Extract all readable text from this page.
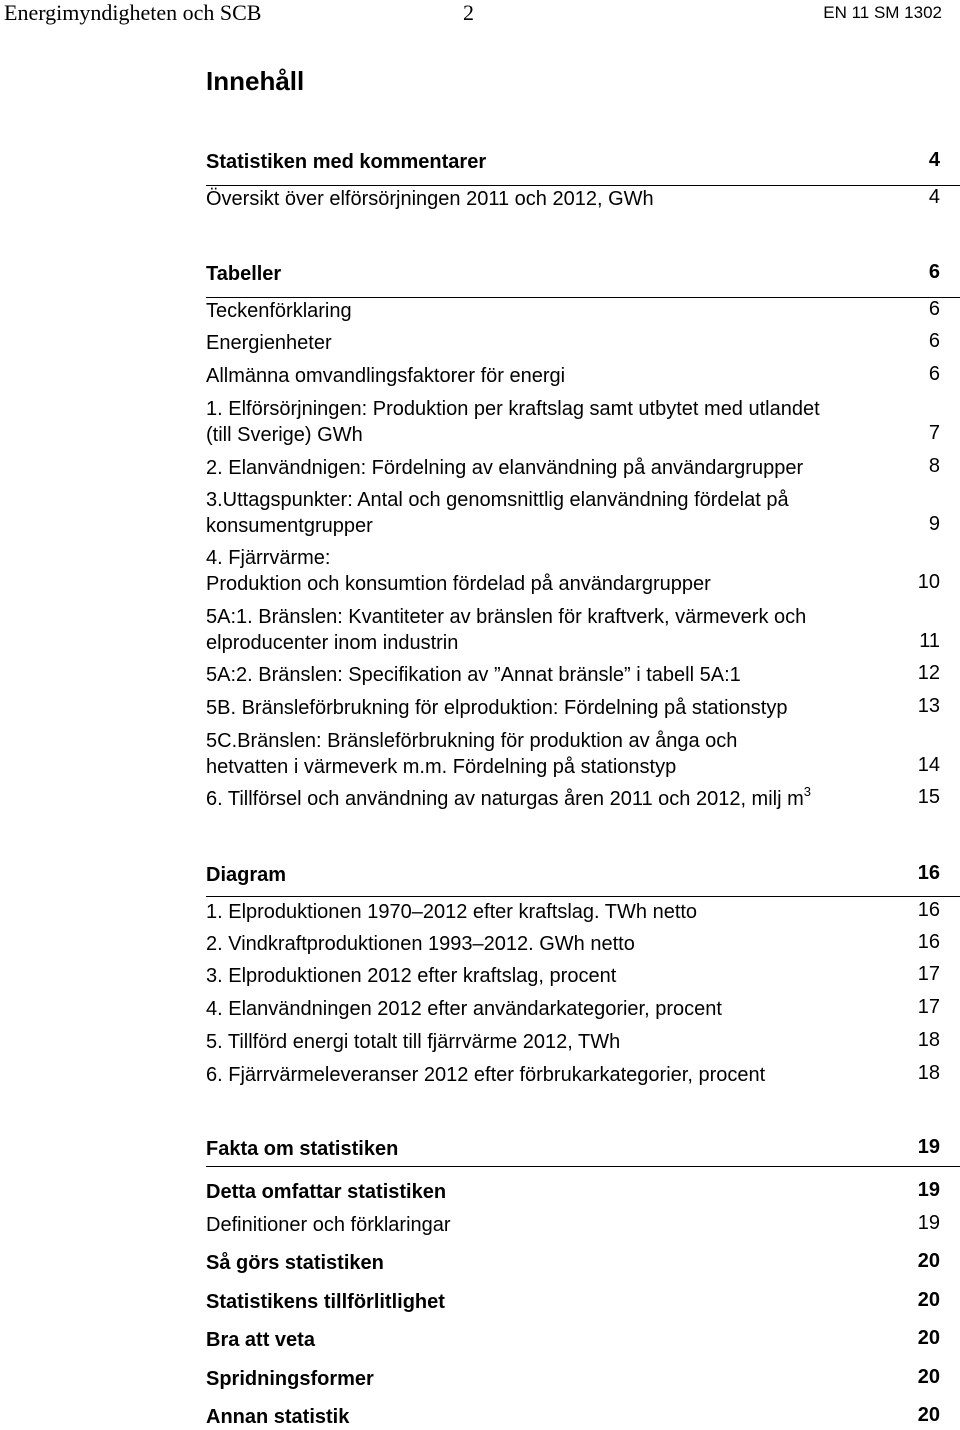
Energimyndigheten och SCB	2	EN 11 SM 1302
Innehåll
Statistiken med kommentarer	4
Översikt över elförsörjningen 2011 och 2012, GWh	4
Tabeller	6
Teckenförklaring	6
Energienheter	6
Allmänna omvandlingsfaktorer för energi	6
1. Elförsörjningen: Produktion per kraftslag samt utbytet med utlandet
(till Sverige) GWh	7
2. Elanvändnigen: Fördelning av elanvändning på användargrupper	8
3.Uttagspunkter: Antal och genomsnittlig elanvändning fördelat på
konsumentgrupper	9
4. Fjärrvärme:
Produktion och konsumtion fördelad på användargrupper	10
5A:1. Bränslen: Kvantiteter av bränslen för kraftverk, värmeverk och
elproducenter inom industrin	11
5A:2. Bränslen: Specifikation av ”Annat bränsle” i tabell 5A:1	12
5B. Bränsleförbrukning för elproduktion: Fördelning på stationstyp	13
5C.Bränslen: Bränsleförbrukning för produktion av ånga och
hetvatten i värmeverk m.m. Fördelning på stationstyp	14
6. Tillförsel och användning av naturgas åren 2011 och 2012, milj $m^3$	15
Diagram	16
1. Elproduktionen 1970–2012 efter kraftslag. TWh netto	16
2. Vindkraftproduktionen 1993–2012. GWh netto	16
3. Elproduktionen 2012 efter kraftslag, procent	17
4. Elanvändningen 2012 efter användarkategorier, procent	17
5. Tillförd energi totalt till fjärrvärme 2012, TWh	18
6. Fjärrvärmeleveranser 2012 efter förbrukarkategorier, procent	18
Fakta om statistiken	19
Detta omfattar statistiken	19
Definitioner och förklaringar	19
Så görs statistiken	20
Statistikens tillförlitlighet	20
Bra att veta	20
Spridningsformer	20
Annan statistik	20
